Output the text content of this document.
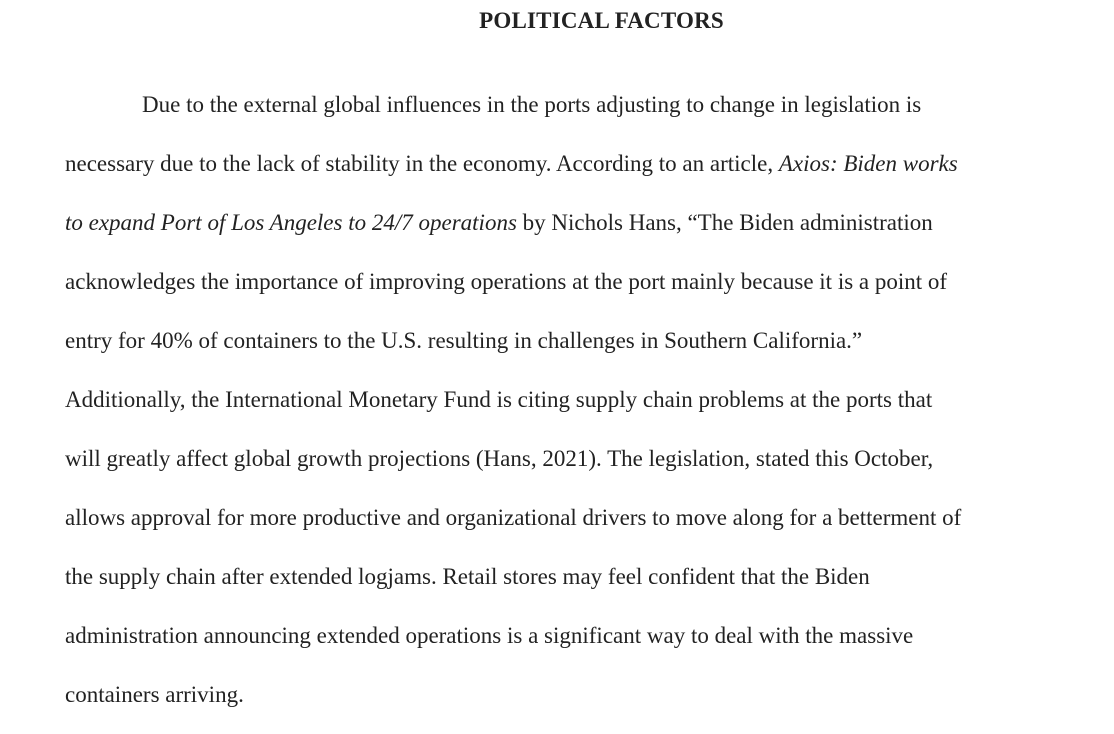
POLITICAL FACTORS
Due to the external global influences in the ports adjusting to change in legislation is
necessary due to the lack of stability in the economy. According to an article, Axios: Biden works
to expand Port of Los Angeles to 24/7 operations by Nichols Hans, “The Biden administration
acknowledges the importance of improving operations at the port mainly because it is a point of
entry for 40% of containers to the U.S. resulting in challenges in Southern California.”
Additionally, the International Monetary Fund is citing supply chain problems at the ports that
will greatly affect global growth projections (Hans, 2021). The legislation, stated this October,
allows approval for more productive and organizational drivers to move along for a betterment of
the supply chain after extended logjams. Retail stores may feel confident that the Biden
administration announcing extended operations is a significant way to deal with the massive
containers arriving.
